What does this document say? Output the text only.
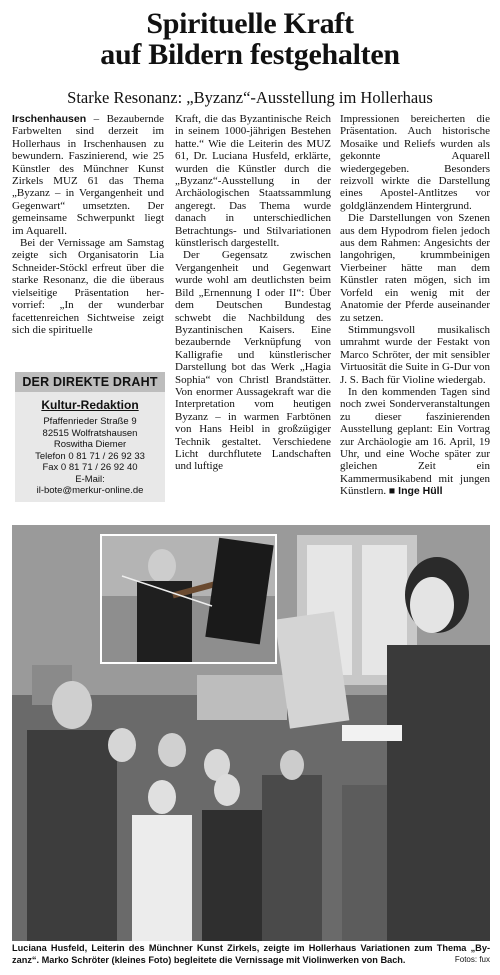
Spirituelle Kraft
auf Bildern festgehalten
Starke Resonanz: „Byzanz“-Ausstellung im Hollerhaus

Irschenhausen – Bezaubernde Farbwelten sind derzeit im Hollerhaus in Irschenhausen zu bewundern. Faszinierend, wie 25 Künstler des Münchner Kunst Zirkels MUZ 61 das Thema „Byzanz – in Vergangenheit und Gegenwart“ umsetzten. Der gemeinsame Schwerpunkt liegt im Aquarell.

Bei der Vernissage am Samstag zeigte sich Organisatorin Lia Schneider-Stöckl erfreut über die starke Resonanz, die die überaus vielseitige Präsentation hervorrief: „In der wunderbar facettenreichen Sichtweise zeigt sich die spirituelle

DER DIREKTE DRAHT
Kultur-Redaktion
Pfaffenrieder Straße 9
82515 Wolfratshausen
Roswitha Diemer
Telefon 0 81 71 / 26 92 33
Fax 0 81 71 / 26 92 40
E-Mail:
il-bote@merkur-online.de

Kraft, die das Byzantinische Reich in seinem 1000-jährigen Bestehen hatte.“ Wie die Leiterin des MUZ 61, Dr. Luciana Husfeld, erklärte, wurden die Künstler durch die „Byzanz“-Ausstellung in der Archäologischen Staatssammlung angeregt. Das Thema wurde danach in unterschiedlichen Betrachtungs- und Stilvariationen künstlerisch dargestellt.

Der Gegensatz zwischen Vergangenheit und Gegenwart wurde wohl am deutlichsten beim Bild „Ernennung I oder II“: Über dem Deutschen Bundestag schwebt die Nachbildung des Byzantinischen Kaisers. Eine bezaubernde Verknüpfung von Kalligrafie und künstlerischer Darstellung bot das Werk „Hagia Sophia“ von Christl Brandstätter. Von enormer Aussagekraft war die Interpretation vom heutigen Byzanz – in warmen Farbtönen von Hans Heibl in großzügiger Technik gestaltet. Verschiedene Licht durchflutete Landschaften und luftige

Impressionen bereicherten die Präsentation. Auch historische Mosaike und Reliefs wurden als gekonnte Aquarell wiedergegeben. Besonders reizvoll wirkte die Darstellung eines Apostel-Antlitzes vor goldglänzendem Hintergrund.

Die Darstellungen von Szenen aus dem Hypodrom fielen jedoch aus dem Rahmen: Angesichts der langohrigen, krummbeinigen Vierbeiner hätte man dem Künstler raten mögen, sich im Vorfeld ein wenig mit der Anatomie der Pferde auseinander zu setzen.

Stimmungsvoll musikalisch umrahmt wurde der Festakt von Marco Schröter, der mit sensibler Virtuosität die Suite in G-Dur von J. S. Bach für Violine wiedergab.

In den kommenden Tagen sind noch zwei Sonderveranstaltungen zu dieser faszinierenden Ausstellung geplant: Ein Vortrag zur Archäologie am 16. April, 19 Uhr, und eine Woche später zur gleichen Zeit ein Kammermusikabend mit jungen Künstlern. ■ Inge Hüll

Luciana Husfeld, Leiterin des Münchner Kunst Zirkels, zeigte im Hollerhaus Variationen zum Thema „Byzanz“. Marko Schröter (kleines Foto) begleitete die Vernissage mit Violinwerken von Bach.	Fotos: fux
